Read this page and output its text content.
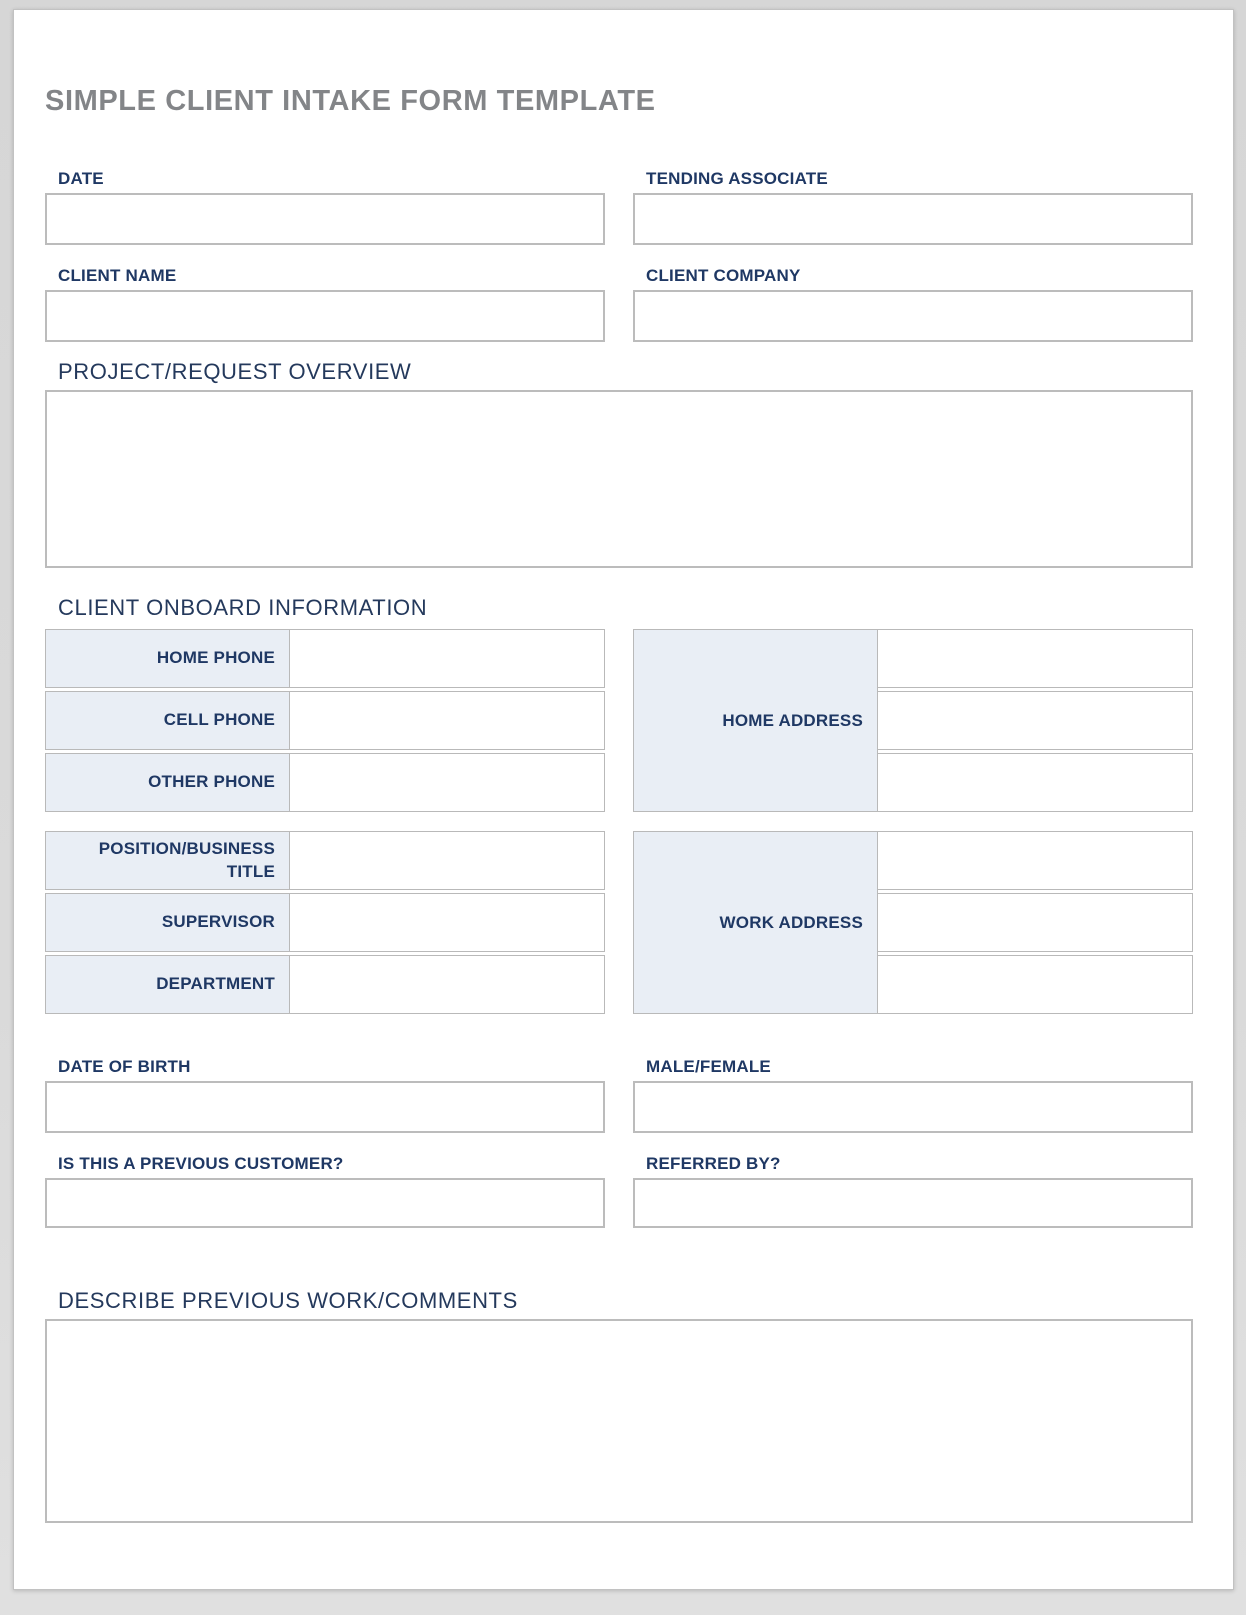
SIMPLE CLIENT INTAKE FORM TEMPLATE
DATE	TENDING ASSOCIATE
CLIENT NAME	CLIENT COMPANY
PROJECT/REQUEST OVERVIEW
CLIENT ONBOARD INFORMATION
HOME PHONE
CELL PHONE
OTHER PHONE
HOME ADDRESS
POSITION/BUSINESS TITLE
SUPERVISOR
DEPARTMENT
WORK ADDRESS
DATE OF BIRTH	MALE/FEMALE
IS THIS A PREVIOUS CUSTOMER?	REFERRED BY?
DESCRIBE PREVIOUS WORK/COMMENTS
